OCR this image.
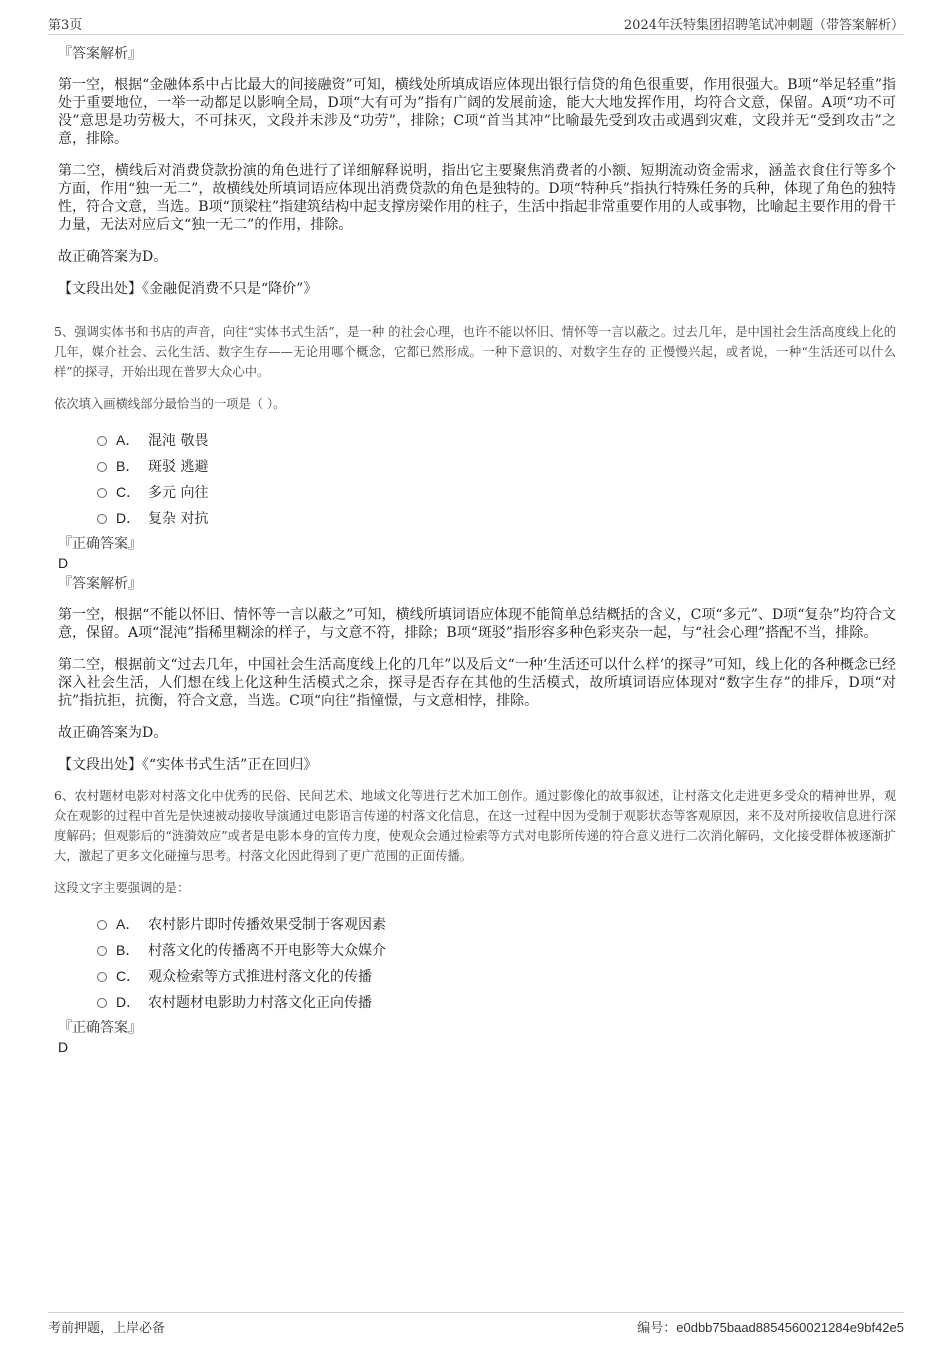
第3页	2024年沃特集团招聘笔试冲刺题（带答案解析）

『答案解析』

第一空，根据“金融体系中占比最大的间接融资”可知，横线处所填成语应体现出银行信贷的角色很重要，作用很强大。B项“举足轻重”指处于重要地位，一举一动都足以影响全局，D项“大有可为”指有广阔的发展前途，能大大地发挥作用，均符合文意，保留。A项“功不可没”意思是功劳极大，不可抹灭，文段并未涉及“功劳”，排除；C项“首当其冲”比喻最先受到攻击或遇到灾难，文段并无“受到攻击”之意，排除。

第二空，横线后对消费贷款扮演的角色进行了详细解释说明，指出它主要聚焦消费者的小额、短期流动资金需求，涵盖衣食住行等多个方面，作用“独一无二”，故横线处所填词语应体现出消费贷款的角色是独特的。D项“特种兵”指执行特殊任务的兵种，体现了角色的独特性，符合文意，当选。B项“顶梁柱”指建筑结构中起支撑房梁作用的柱子，生活中指起非常重要作用的人或事物，比喻起主要作用的骨干力量，无法对应后文“独一无二”的作用，排除。

故正确答案为D。

【文段出处】《金融促消费不只是“降价”》

5、强调实体书和书店的声音，向往“实体书式生活”，是一种 的社会心理，也许不能以怀旧、情怀等一言以蔽之。过去几年，是中国社会生活高度线上化的几年，媒介社会、云化生活、数字生存——无论用哪个概念，它都已然形成。一种下意识的、对数字生存的 正慢慢兴起，或者说，一种“生活还可以什么样”的探寻，开始出现在普罗大众心中。

依次填入画横线部分最恰当的一项是（ ）。

A． 混沌 敬畏
B． 斑驳 逃避
C． 多元 向往
D． 复杂 对抗

『正确答案』

D

『答案解析』

第一空，根据“不能以怀旧、情怀等一言以蔽之”可知，横线所填词语应体现不能简单总结概括的含义，C项“多元”、D项“复杂”均符合文意，保留。A项“混沌”指稀里糊涂的样子，与文意不符，排除；B项“斑驳”指形容多种色彩夹杂一起，与“社会心理”搭配不当，排除。

第二空，根据前文“过去几年，中国社会生活高度线上化的几年”以及后文“一种‘生活还可以什么样’的探寻”可知，线上化的各种概念已经深入社会生活，人们想在线上化这种生活模式之余，探寻是否存在其他的生活模式，故所填词语应体现对“数字生存”的排斥，D项“对抗”指抗拒，抗衡，符合文意，当选。C项“向往”指憧憬，与文意相悖，排除。

故正确答案为D。

【文段出处】《“实体书式生活”正在回归》

6、农村题材电影对村落文化中优秀的民俗、民间艺术、地域文化等进行艺术加工创作。通过影像化的故事叙述，让村落文化走进更多受众的精神世界，观众在观影的过程中首先是快速被动接收导演通过电影语言传递的村落文化信息，在这一过程中因为受制于观影状态等客观原因，来不及对所接收信息进行深度解码；但观影后的“涟漪效应”或者是电影本身的宣传力度，使观众会通过检索等方式对电影所传递的符合意义进行二次消化解码，文化接受群体被逐渐扩大，激起了更多文化碰撞与思考。村落文化因此得到了更广范围的正面传播。

这段文字主要强调的是：

A． 农村影片即时传播效果受制于客观因素
B． 村落文化的传播离不开电影等大众媒介
C． 观众检索等方式推进村落文化的传播
D． 农村题材电影助力村落文化正向传播

『正确答案』

D

考前押题，上岸必备	编号：e0dbb75baad8854560021284e9bf42e5
